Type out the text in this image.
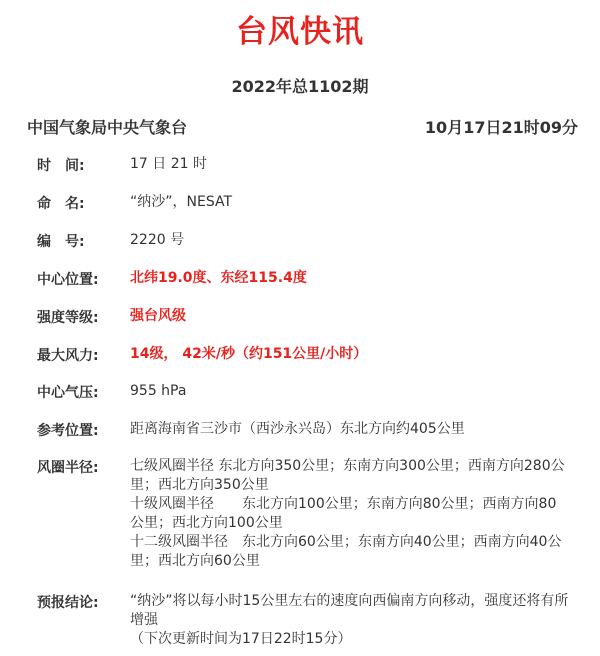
台风快讯
2022年总1102期
中国气象局中央气象台	10月17日21时09分
时　间:	17 日 21 时
命　名:	“纳沙”，NESAT
编　号:	2220 号
中心位置:	北纬19.0度、东经115.4度
强度等级:	强台风级
最大风力:	14级， 42米/秒（约151公里/小时）
中心气压:	955 hPa
参考位置:	距离海南省三沙市（西沙永兴岛）东北方向约405公里
风圈半径:	七级风圈半径 东北方向350公里；东南方向300公里；西南方向280公里；西北方向350公里
十级风圈半径　　东北方向100公里；东南方向80公里；西南方向80公里；西北方向100公里
十二级风圈半径　东北方向60公里；东南方向40公里；西南方向40公里；西北方向60公里
预报结论:	“纳沙”将以每小时15公里左右的速度向西偏南方向移动，强度还将有所增强
（下次更新时间为17日22时15分）
